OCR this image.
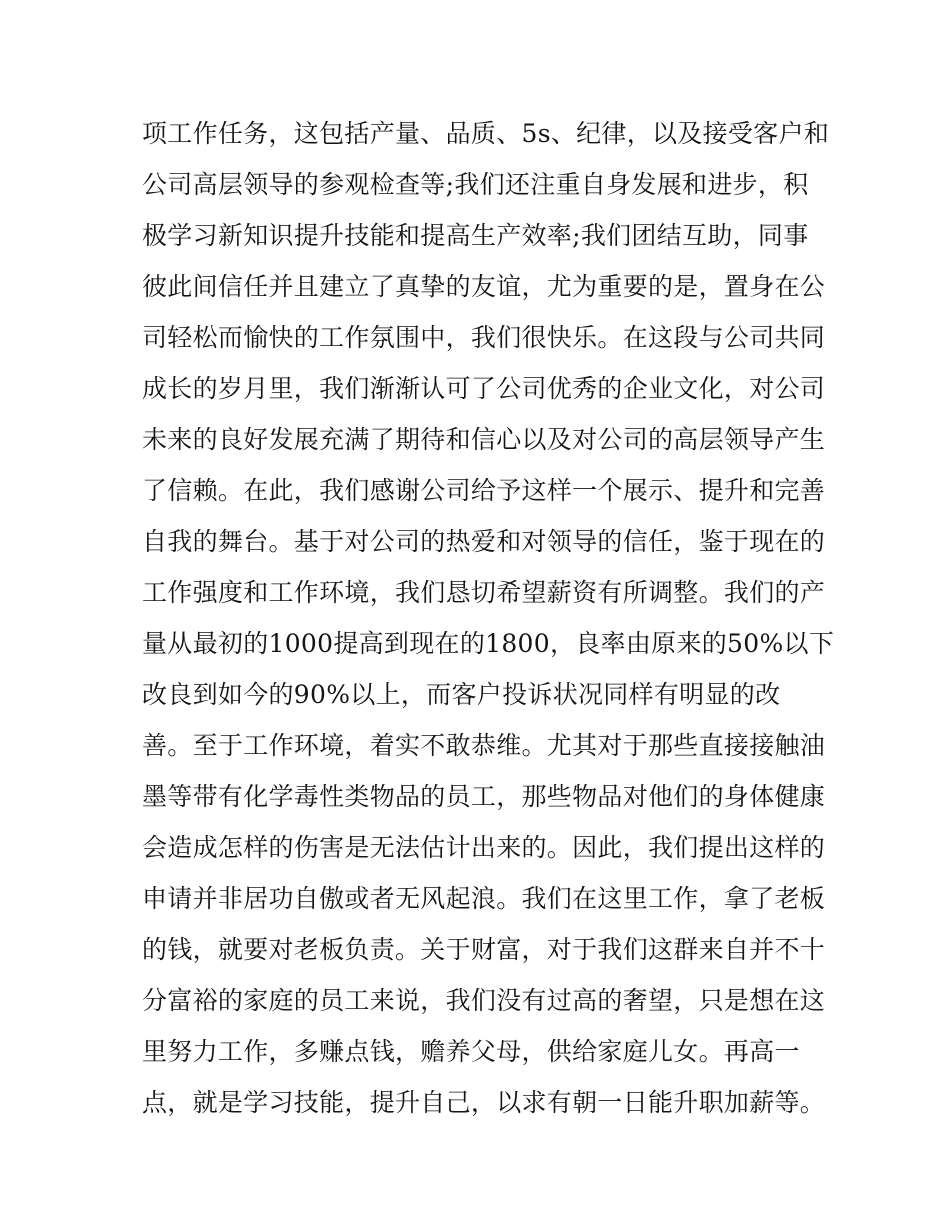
项工作任务，这包括产量、品质、5s、纪律，以及接受客户和
公司高层领导的参观检查等;我们还注重自身发展和进步，积
极学习新知识提升技能和提高生产效率;我们团结互助，同事
彼此间信任并且建立了真挚的友谊，尤为重要的是，置身在公
司轻松而愉快的工作氛围中，我们很快乐。在这段与公司共同
成长的岁月里，我们渐渐认可了公司优秀的企业文化，对公司
未来的良好发展充满了期待和信心以及对公司的高层领导产生
了信赖。在此，我们感谢公司给予这样一个展示、提升和完善
自我的舞台。基于对公司的热爱和对领导的信任，鉴于现在的
工作强度和工作环境，我们恳切希望薪资有所调整。我们的产
量从最初的1000提高到现在的1800，良率由原来的50%以下
改良到如今的90%以上，而客户投诉状况同样有明显的改
善。至于工作环境，着实不敢恭维。尤其对于那些直接接触油
墨等带有化学毒性类物品的员工，那些物品对他们的身体健康
会造成怎样的伤害是无法估计出来的。因此，我们提出这样的
申请并非居功自傲或者无风起浪。我们在这里工作，拿了老板
的钱，就要对老板负责。关于财富，对于我们这群来自并不十
分富裕的家庭的员工来说，我们没有过高的奢望，只是想在这
里努力工作，多赚点钱，赡养父母，供给家庭儿女。再高一
点，就是学习技能，提升自己，以求有朝一日能升职加薪等。
